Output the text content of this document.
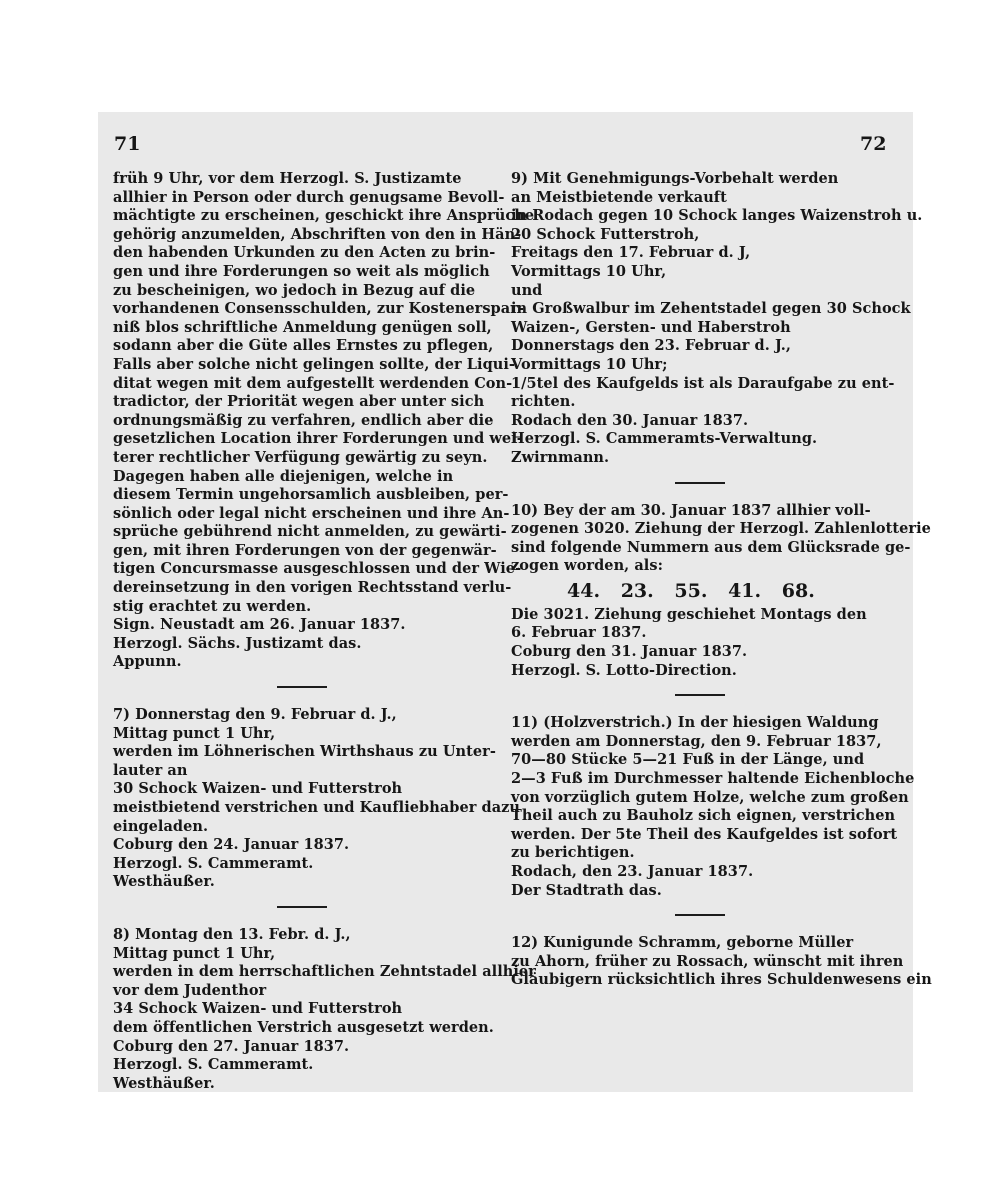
71	72
früh 9 Uhr, vor dem Herzogl. S. Justizamte
allhier in Person oder durch genugsame Bevoll-
mächtigte zu erscheinen, geschickt ihre Ansprüche
gehörig anzumelden, Abschriften von den in Hän-
den habenden Urkunden zu den Acten zu brin-
gen und ihre Forderungen so weit als möglich
zu bescheinigen, wo jedoch in Bezug auf die
vorhandenen Consensschulden, zur Kostenerspar-
niß blos schriftliche Anmeldung genügen soll,
sodann aber die Güte alles Ernstes zu pflegen,
Falls aber solche nicht gelingen sollte, der Liqui-
ditat wegen mit dem aufgestellt werdenden Con-
tradictor, der Priorität wegen aber unter sich
ordnungsmäßig zu verfahren, endlich aber die
gesetzlichen Location ihrer Forderungen und wei-
terer rechtlicher Verfügung gewärtig zu seyn.
Dagegen haben alle diejenigen, welche in
diesem Termin ungehorsamlich ausbleiben, per-
sönlich oder legal nicht erscheinen und ihre An-
sprüche gebührend nicht anmelden, zu gewärti-
gen, mit ihren Forderungen von der gegenwär-
tigen Concursmasse ausgeschlossen und der Wie-
dereinsetzung in den vorigen Rechtsstand verlu-
stig erachtet zu werden.
Sign. Neustadt am 26. Januar 1837.
Herzogl. Sächs. Justizamt das.
Appunn.
7) Donnerstag den 9. Februar d. J.,
Mittag punct 1 Uhr,
werden im Löhnerischen Wirthshaus zu Unter-
lauter an
30 Schock Waizen- und Futterstroh
meistbietend verstrichen und Kaufliebhaber dazu
eingeladen.
Coburg den 24. Januar 1837.
Herzogl. S. Cammeramt.
Westhäußer.
8) Montag den 13. Febr. d. J.,
Mittag punct 1 Uhr,
werden in dem herrschaftlichen Zehntstadel allhier
vor dem Judenthor
34 Schock Waizen- und Futterstroh
dem öffentlichen Verstrich ausgesetzt werden.
Coburg den 27. Januar 1837.
Herzogl. S. Cammeramt.
Westhäußer.
9) Mit Genehmigungs-Vorbehalt werden
an Meistbietende verkauft
in Rodach gegen 10 Schock langes Waizenstroh u.
20 Schock Futterstroh,
Freitags den 17. Februar d. J,
Vormittags 10 Uhr,
und
in Großwalbur im Zehentstadel gegen 30 Schock
Waizen-, Gersten- und Haberstroh
Donnerstags den 23. Februar d. J.,
Vormittags 10 Uhr;
1/5tel des Kaufgelds ist als Daraufgabe zu ent-
richten.
Rodach den 30. Januar 1837.
Herzogl. S. Cammeramts-Verwaltung.
Zwirnmann.
10) Bey der am 30. Januar 1837 allhier voll-
zogenen 3020. Ziehung der Herzogl. Zahlenlotterie
sind folgende Nummern aus dem Glücksrade ge-
zogen worden, als:
44. 23. 55. 41. 68.
Die 3021. Ziehung geschiehet Montags den
6. Februar 1837.
Coburg den 31. Januar 1837.
Herzogl. S. Lotto-Direction.
11) (Holzverstrich.) In der hiesigen Waldung
werden am Donnerstag, den 9. Februar 1837,
70—80 Stücke 5—21 Fuß in der Länge, und
2—3 Fuß im Durchmesser haltende Eichenbloche
von vorzüglich gutem Holze, welche zum großen
Theil auch zu Bauholz sich eignen, verstrichen
werden. Der 5te Theil des Kaufgeldes ist sofort
zu berichtigen.
Rodach, den 23. Januar 1837.
Der Stadtrath das.
12) Kunigunde Schramm, geborne Müller
zu Ahorn, früher zu Rossach, wünscht mit ihren
Gläubigern rücksichtlich ihres Schuldenwesens ein
